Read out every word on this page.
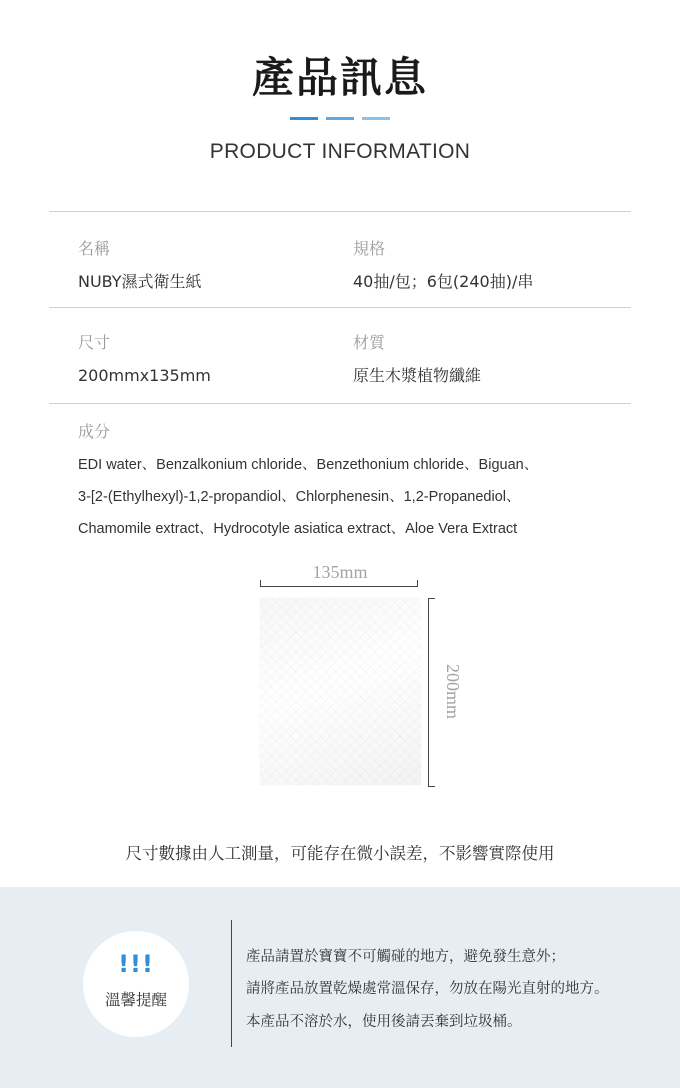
產品訊息
PRODUCT INFORMATION
名稱
NUBY濕式衛生紙
規格
40抽/包；6包(240抽)/串
尺寸
200mmx135mm
材質
原生木漿植物纖維
成分
EDI water、Benzalkonium chloride、Benzethonium chloride、Biguan、
3-[2-(Ethylhexyl)-1,2-propandiol、Chlorphenesin、1,2-Propanediol、
Chamomile extract、Hydrocotyle asiatica extract、Aloe Vera Extract
135mm
200mm
尺寸數據由人工測量，可能存在微小誤差，不影響實際使用
!!!
溫馨提醒
產品請置於寶寶不可觸碰的地方，避免發生意外；
請將產品放置乾燥處常溫保存，勿放在陽光直射的地方。
本產品不溶於水，使用後請丟棄到垃圾桶。
